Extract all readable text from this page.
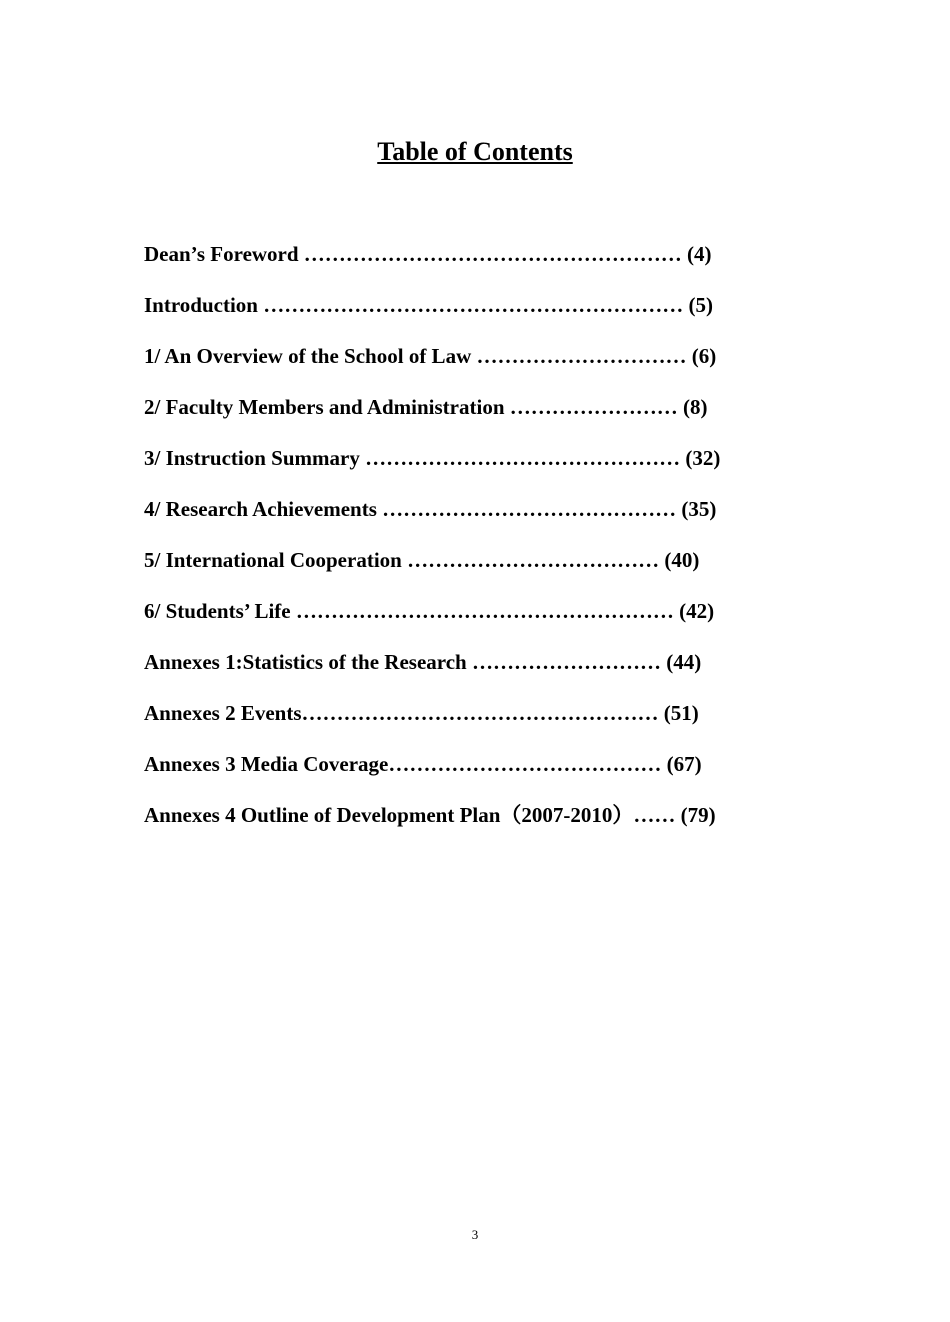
Table of Contents
Dean’s Foreword ……………………………………………… (4)
Introduction …………………………………………………… (5)
1/ An Overview of the School of Law ………………………… (6)
2/ Faculty Members and Administration …………………… (8)
3/ Instruction Summary ……………………………………… (32)
4/ Research Achievements …………………………………… (35)
5/ International Cooperation ……………………………… (40)
6/ Students’ Life ……………………………………………… (42)
Annexes 1:Statistics of the Research ……………………… (44)
Annexes 2 Events…………………………………………… (51)
Annexes 3 Media Coverage………………………………… (67)
Annexes 4 Outline of Development Plan（2007-2010）…… (79)
3
